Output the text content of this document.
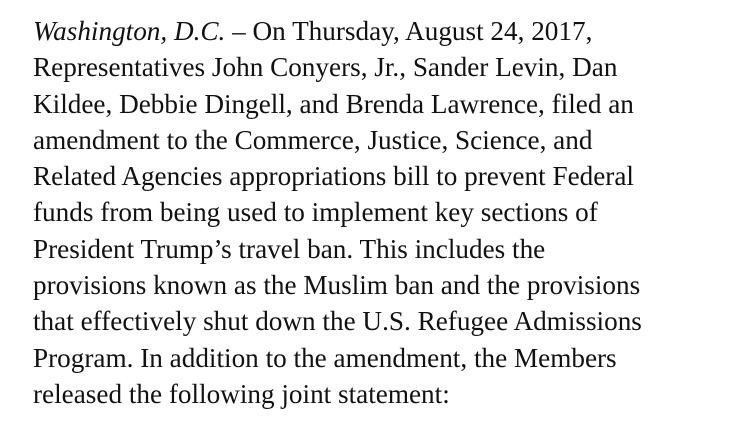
Washington, D.C. – On Thursday, August 24, 2017,
Representatives John Conyers, Jr., Sander Levin, Dan
Kildee, Debbie Dingell, and Brenda Lawrence, filed an
amendment to the Commerce, Justice, Science, and
Related Agencies appropriations bill to prevent Federal
funds from being used to implement key sections of
President Trump’s travel ban. This includes the
provisions known as the Muslim ban and the provisions
that effectively shut down the U.S. Refugee Admissions
Program. In addition to the amendment, the Members
released the following joint statement:
